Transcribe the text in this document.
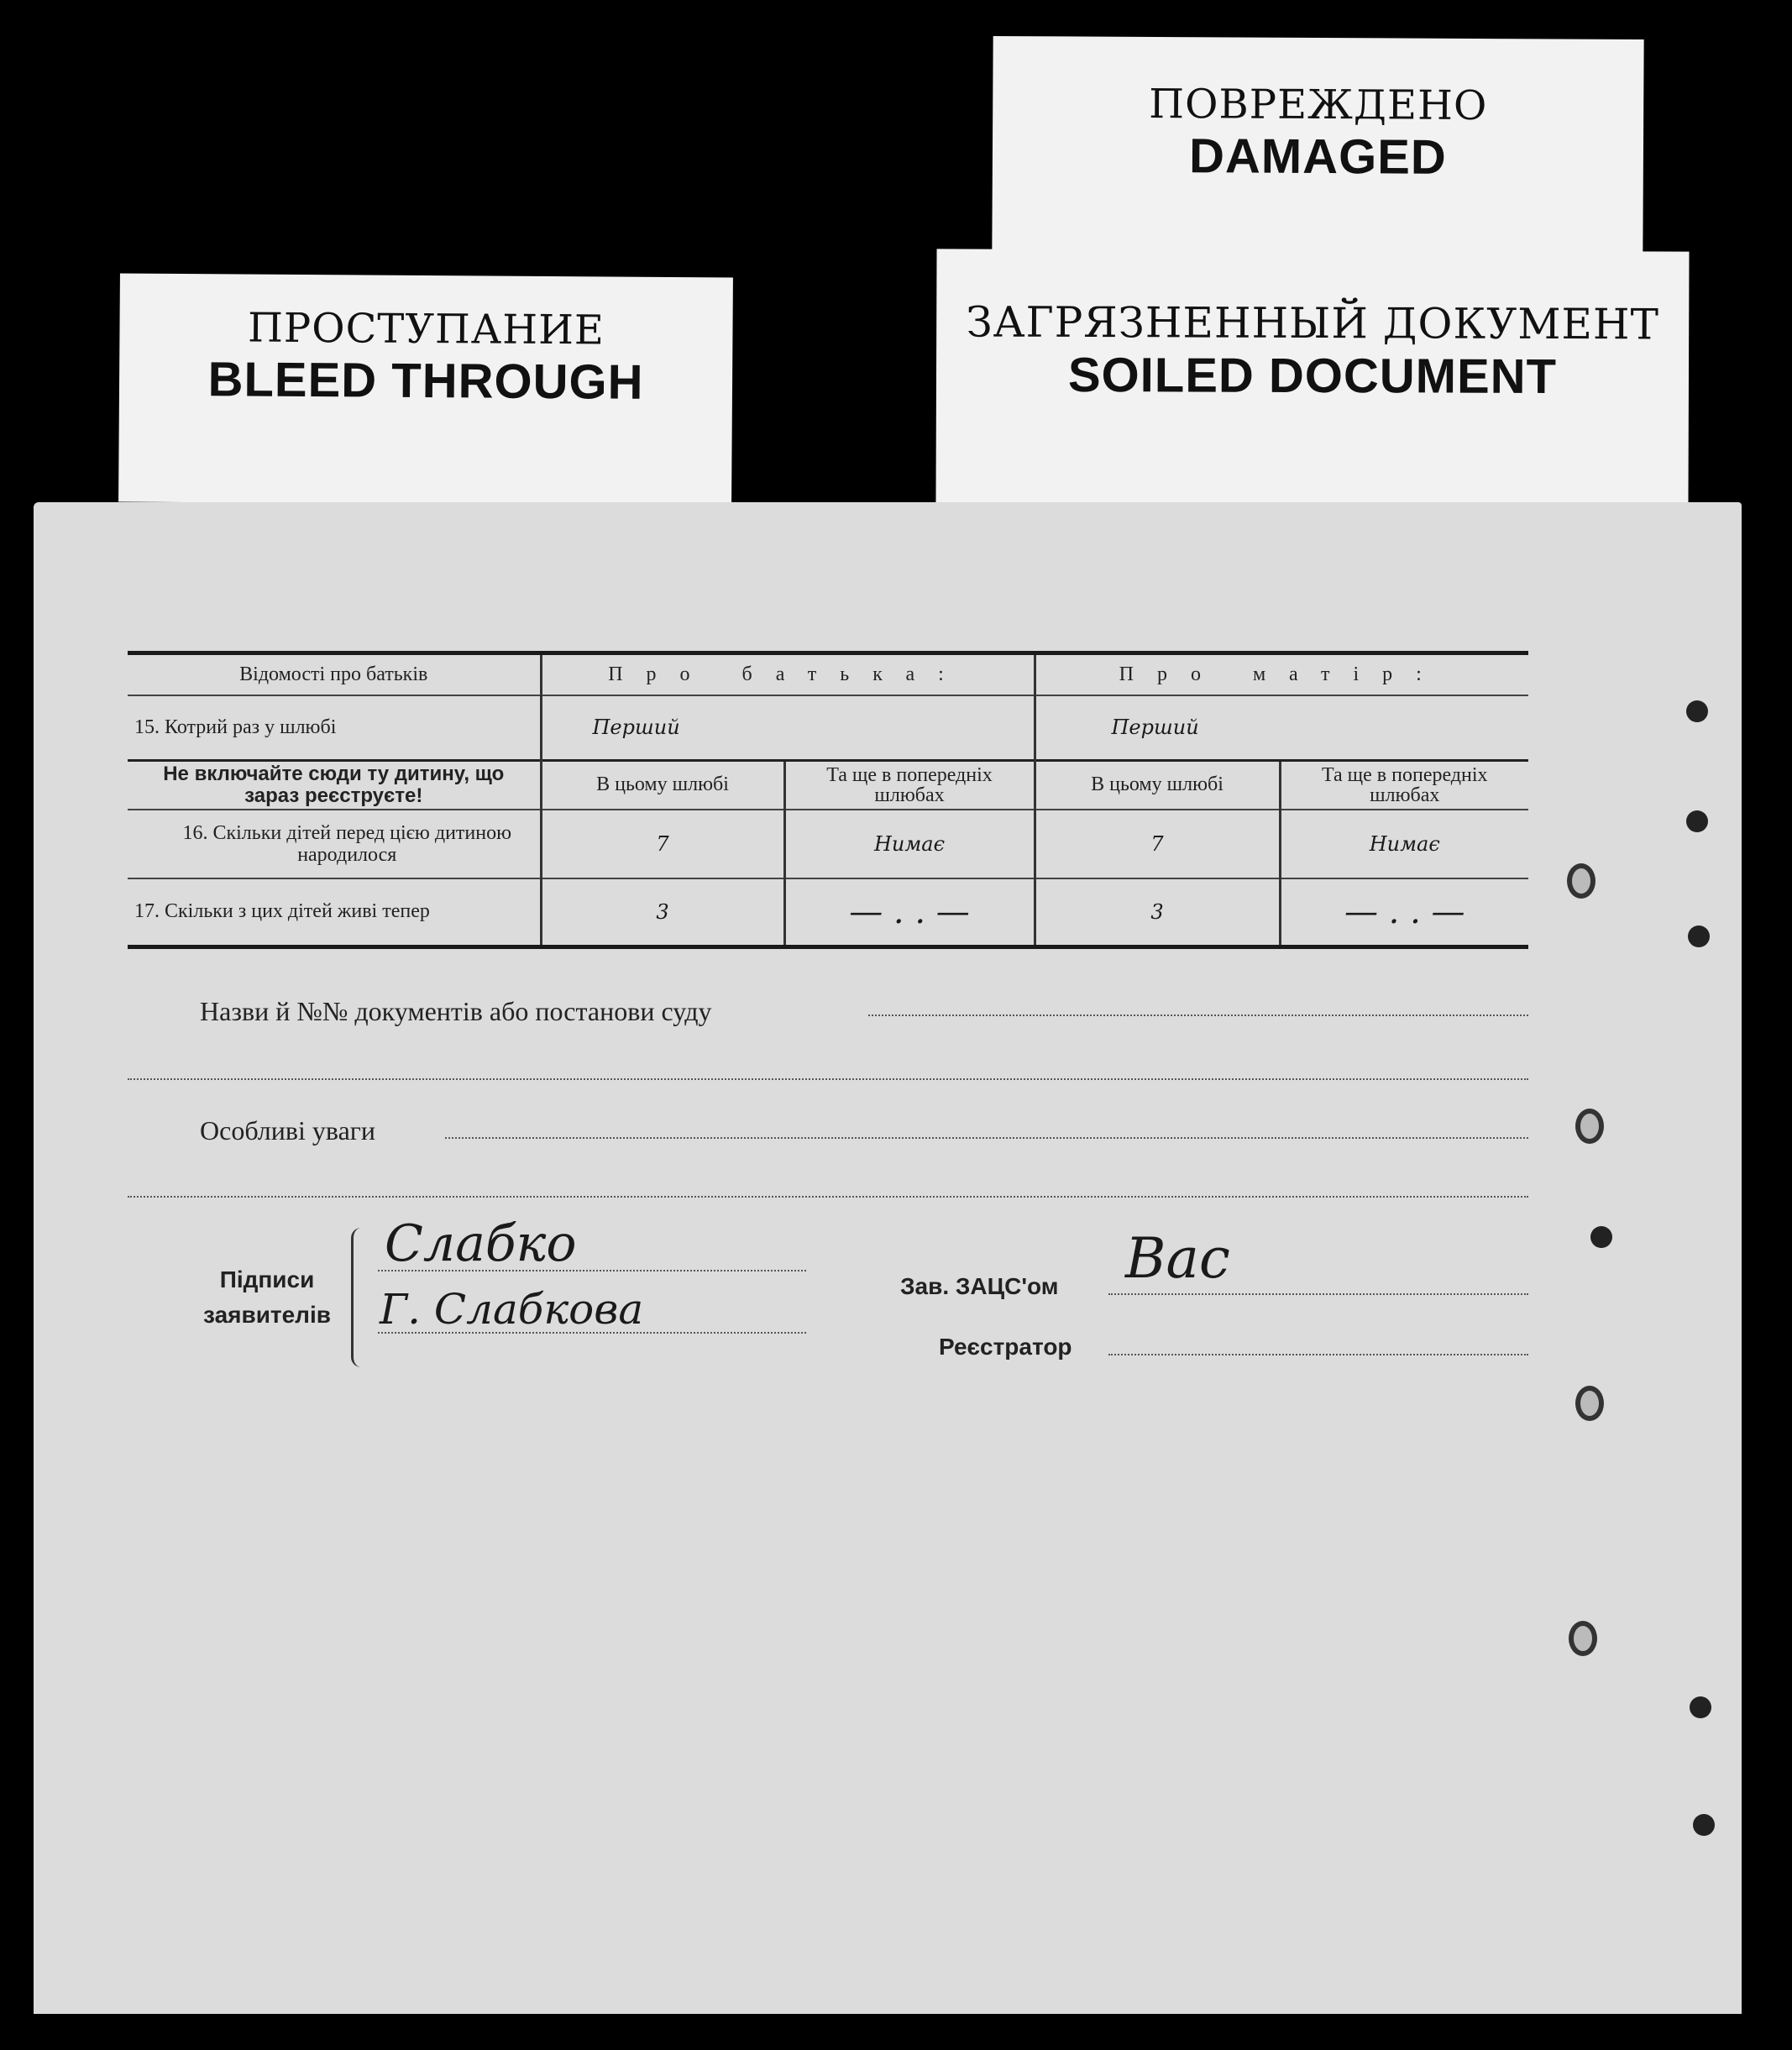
ПОВРЕЖДЕНО
DAMAGED
ПРОСТУПАНИЕ
BLEED THROUGH
ЗАГРЯЗНЕННЫЙ ДОКУМЕНТ
SOILED DOCUMENT
Відомості про батьків	Про батька:		Про матір:	
15. Котрий раз у шлюбі	Перший		Перший	
Не включайте сюди ту дитину, що зараз реєструєте!	В цьому шлюбі	Та ще в попередніх шлюбах	В цьому шлюбі	Та ще в попередніх шлюбах
16. Скільки дітей перед цією дитиною народилося	7	Нимає	7	Нимає
17. Скільки з цих дітей живі тепер	3	— . . —	3	— . . —
Назви й №№ документів або постанови суду
Особливі уваги
Підписи
заявителів
Слабко
Г. Слабкова	Зав. ЗАЦС'ом Вас
Реєстратор
